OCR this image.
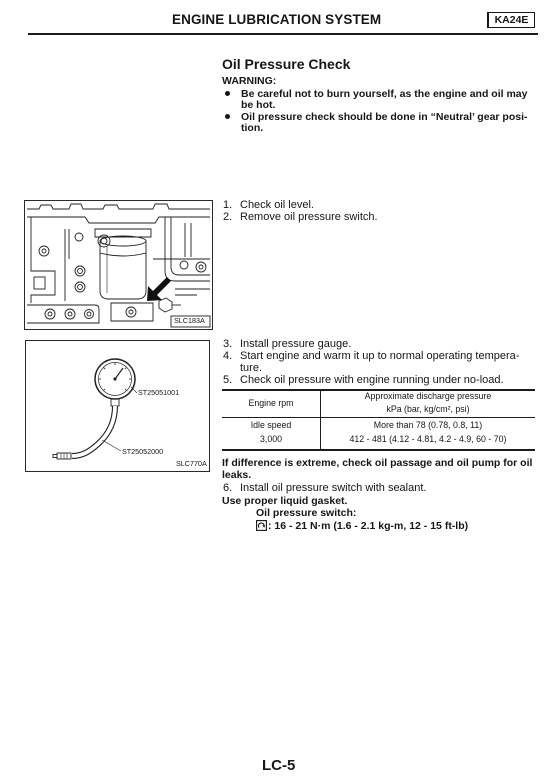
ENGINE LUBRICATION SYSTEM	KA24E
SLC183A
ST25051001
ST25052000
SLC770A
Oil Pressure Check
WARNING:
Be careful not to burn yourself, as the engine and oil may
be hot.
Oil pressure check should be done in “Neutral’ gear posi-
tion.
1. Check oil level.
2. Remove oil pressure switch.
3. Install pressure gauge.
4. Start engine and warm it up to normal operating tempera-
ture.
5. Check oil pressure with engine running under no-load.
Engine rpm
Approximate discharge pressure
kPa (bar, kg/cm², psi)
Idle speed	More than 78 (0.78, 0.8, 11)
3,000	412 - 481 (4.12 - 4.81, 4.2 - 4.9, 60 - 70)
If difference is extreme, check oil passage and oil pump for oil
leaks.
6. Install oil pressure switch with sealant.
Use proper liquid gasket.
Oil pressure switch:
: 16 - 21 N·m (1.6 - 2.1 kg-m, 12 - 15 ft-lb)
LC-5
